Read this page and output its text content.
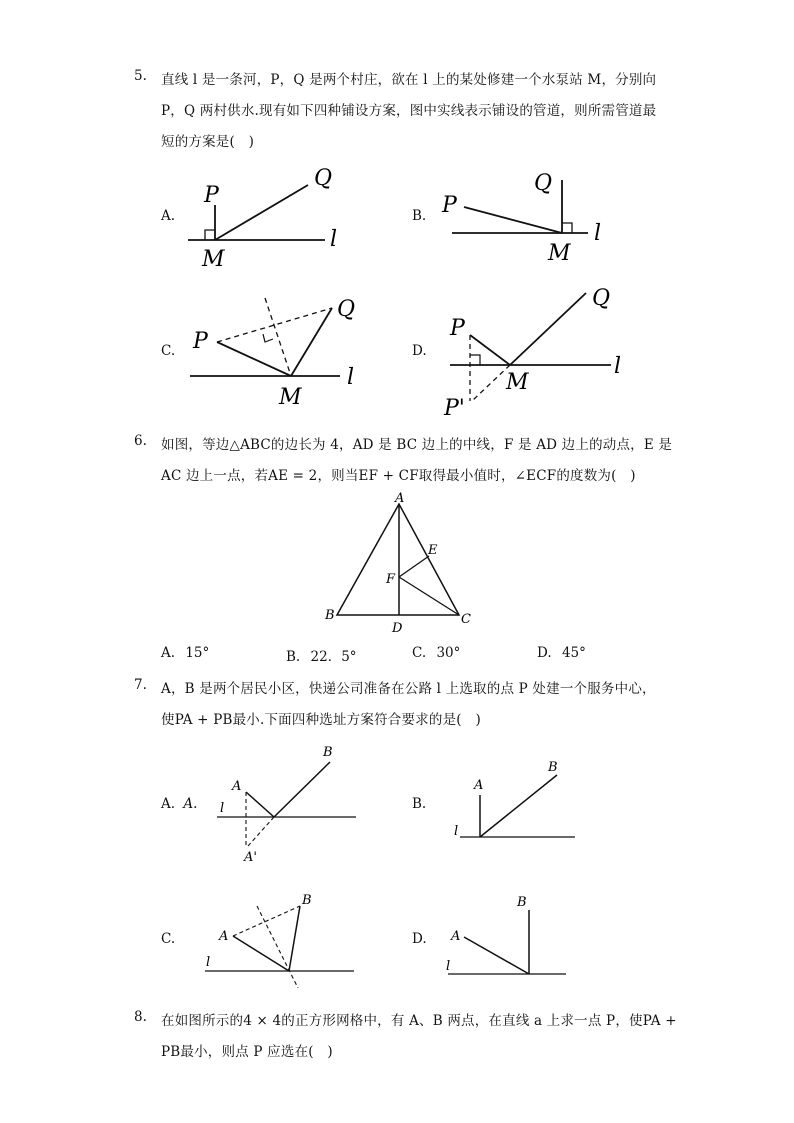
5. 直线 l 是一条河，P，Q 是两个村庄，欲在 l 上的某处修建一个水泵站 M，分别向
P，Q 两村供水.现有如下四种铺设方案，图中实线表示铺设的管道，则所需管道最
短的方案是(　)
A.
P
Q
M
l
B. P
Q
M
l
C. P
Q
M
l
D.
P
Q
M
l
P'
6. 如图，等边△ABC的边长为 4，AD 是 BC 边上的中线，F 是 AD 边上的动点，E 是
AC 边上一点，若AE = 2，则当EF + CF取得最小值时，∠ECF的度数为(　)
A
B	C
D
E
F
A. 15°	B. 22．5°	C. 30°	D. 45°
7. A，B 是两个居民小区，快递公司准备在公路 l 上选取的点 P 处建一个服务中心，
使PA + PB最小.下面四种选址方案符合要求的是(　)
A. A.
A
B
l
A'
B.
A
B
l
C.	A
B
l
D. A
B
l
8. 在如图所示的4 × 4的正方形网格中，有 A、B 两点，在直线 a 上求一点 P，使PA +
PB最小，则点 P 应选在(　)
